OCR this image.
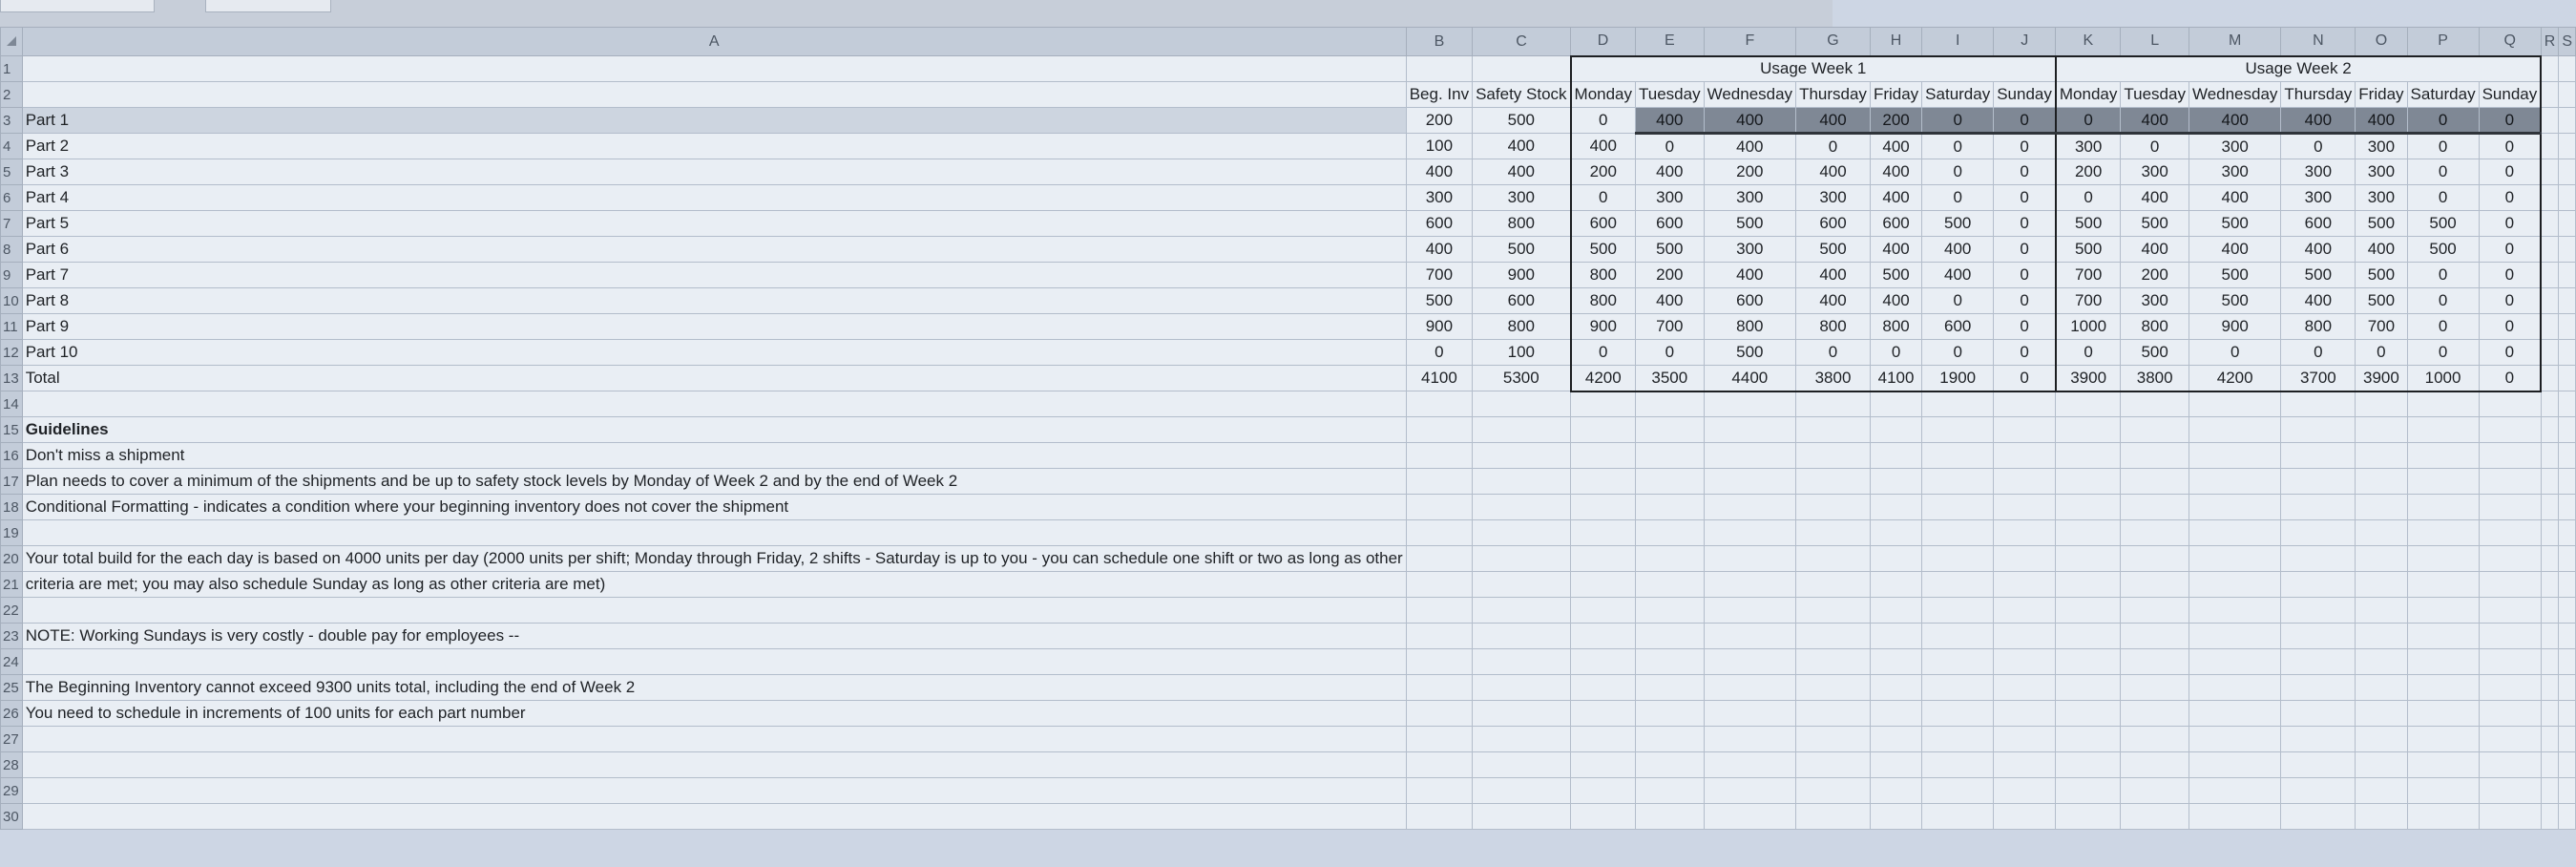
	A	B	C	D	E	F	G	H	I	J	K	L	M	N	O	P	Q	R	S
1				Usage Week 1							Usage Week 2								
2		Beg. Inv	Safety Stock	Monday	Tuesday	Wednesday	Thursday	Friday	Saturday	Sunday	Monday	Tuesday	Wednesday	Thursday	Friday	Saturday	Sunday		
3	Part 1	200	500	0	400	400	400	200	0	0	0	400	400	400	400	0	0		
4	Part 2	100	400	400	0	400	0	400	0	0	300	0	300	0	300	0	0		
5	Part 3	400	400	200	400	200	400	400	0	0	200	300	300	300	300	0	0		
6	Part 4	300	300	0	300	300	300	400	0	0	0	400	400	300	300	0	0		
7	Part 5	600	800	600	600	500	600	600	500	0	500	500	500	600	500	500	0		
8	Part 6	400	500	500	500	300	500	400	400	0	500	400	400	400	400	500	0		
9	Part 7	700	900	800	200	400	400	500	400	0	700	200	500	500	500	0	0		
10	Part 8	500	600	800	400	600	400	400	0	0	700	300	500	400	500	0	0		
11	Part 9	900	800	900	700	800	800	800	600	0	1000	800	900	800	700	0	0		
12	Part 10	0	100	0	0	500	0	0	0	0	0	500	0	0	0	0	0		
13	Total	4100	5300	4200	3500	4400	3800	4100	1900	0	3900	3800	4200	3700	3900	1000	0		
14																			
15	Guidelines																		
16	Don't miss a shipment																		
17	Plan needs to cover a minimum of the shipments and be up to safety stock levels by Monday of Week 2 and by the end of Week 2																		
18	Conditional Formatting - indicates a condition where your beginning inventory does not cover the shipment																		
19																			
20	Your total build for the each day is based on 4000 units per day (2000 units per shift; Monday through Friday, 2 shifts - Saturday is up to you - you can schedule one shift or two as long as other																		
21	criteria are met; you may also schedule Sunday as long as other criteria are met)																		
22																			
23	NOTE: Working Sundays is very costly - double pay for employees --																		
24																			
25	The Beginning Inventory cannot exceed 9300 units total, including the end of Week 2																		
26	You need to schedule in increments of 100 units for each part number																		
27																			
28																			
29																			
30																			
